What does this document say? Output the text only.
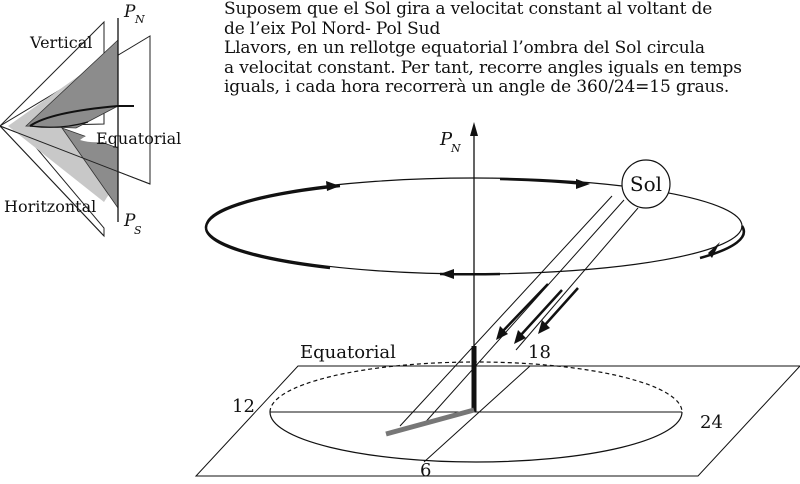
P N
P
S
Vertical
Equatorial
Horitzontal
Sol
P
N
Equatorial
12
18
24
6
Suposem que el Sol gira a velocitat constant al voltant de
de l’eix Pol Nord- Pol Sud
Llavors, en un rellotge equatorial l’ombra del Sol circula
a velocitat constant. Per tant, recorre angles iguals en temps
iguals, i cada hora recorrerà un angle de 360/24=15 graus.
